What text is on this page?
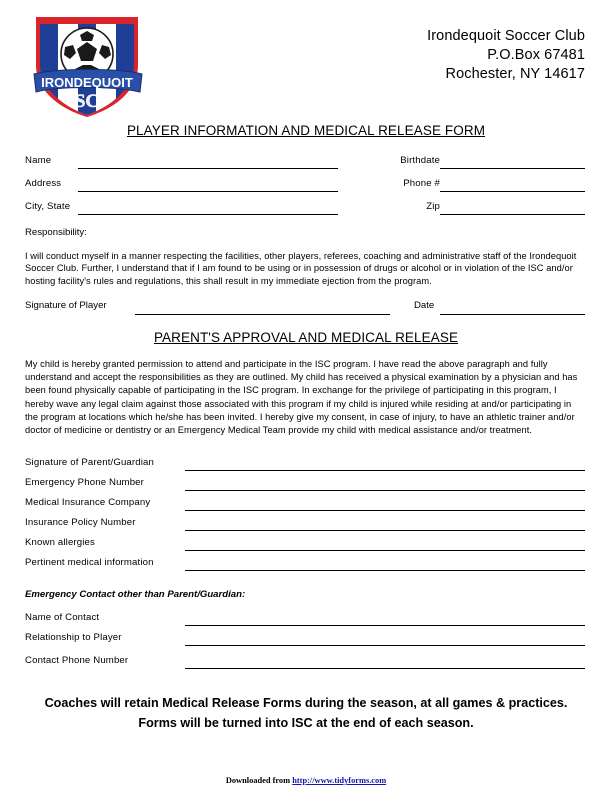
IRONDEQUOIT
SC
Irondequoit Soccer Club
P.O.Box 67481
Rochester, NY 14617
PLAYER INFORMATION AND MEDICAL RELEASE FORM
Name
Address
City, State
Birthdate
Phone #
Zip
Responsibility:
I will conduct myself in a manner respecting the facilities, other players, referees, coaching and administrative staff of the Irondequoit Soccer Club. Further, I understand that if I am found to be using or in possession of drugs or alcohol or in violation of the ISC and/or hosting facility's rules and regulations, this shall result in my immediate ejection from the program.
Signature of Player	Date
PARENT'S APPROVAL AND MEDICAL RELEASE
My child is hereby granted permission to attend and participate in the ISC program. I have read the above paragraph and fully understand and accept the responsibilities as they are outlined. My child has received a physical examination by a physician and has been found physically capable of participating in the ISC program. In exchange for the privilege of participating in this program, I hereby wave any legal claim against those associated with this program if my child is injured while residing at and/or participating in the program at locations which he/she has been invited. I hereby give my consent, in case of injury, to have an athletic trainer and/or doctor of medicine or dentistry or an Emergency Medical Team provide my child with medical assistance and/or treatment.
Signature of Parent/Guardian
Emergency Phone Number
Medical Insurance Company
Insurance Policy Number
Known allergies
Pertinent medical information
Emergency Contact other than Parent/Guardian:
Name of Contact
Relationship to Player
Contact Phone Number
Coaches will retain Medical Release Forms during the season, at all games & practices. Forms will be turned into ISC at the end of each season.
Downloaded from http://www.tidyforms.com
